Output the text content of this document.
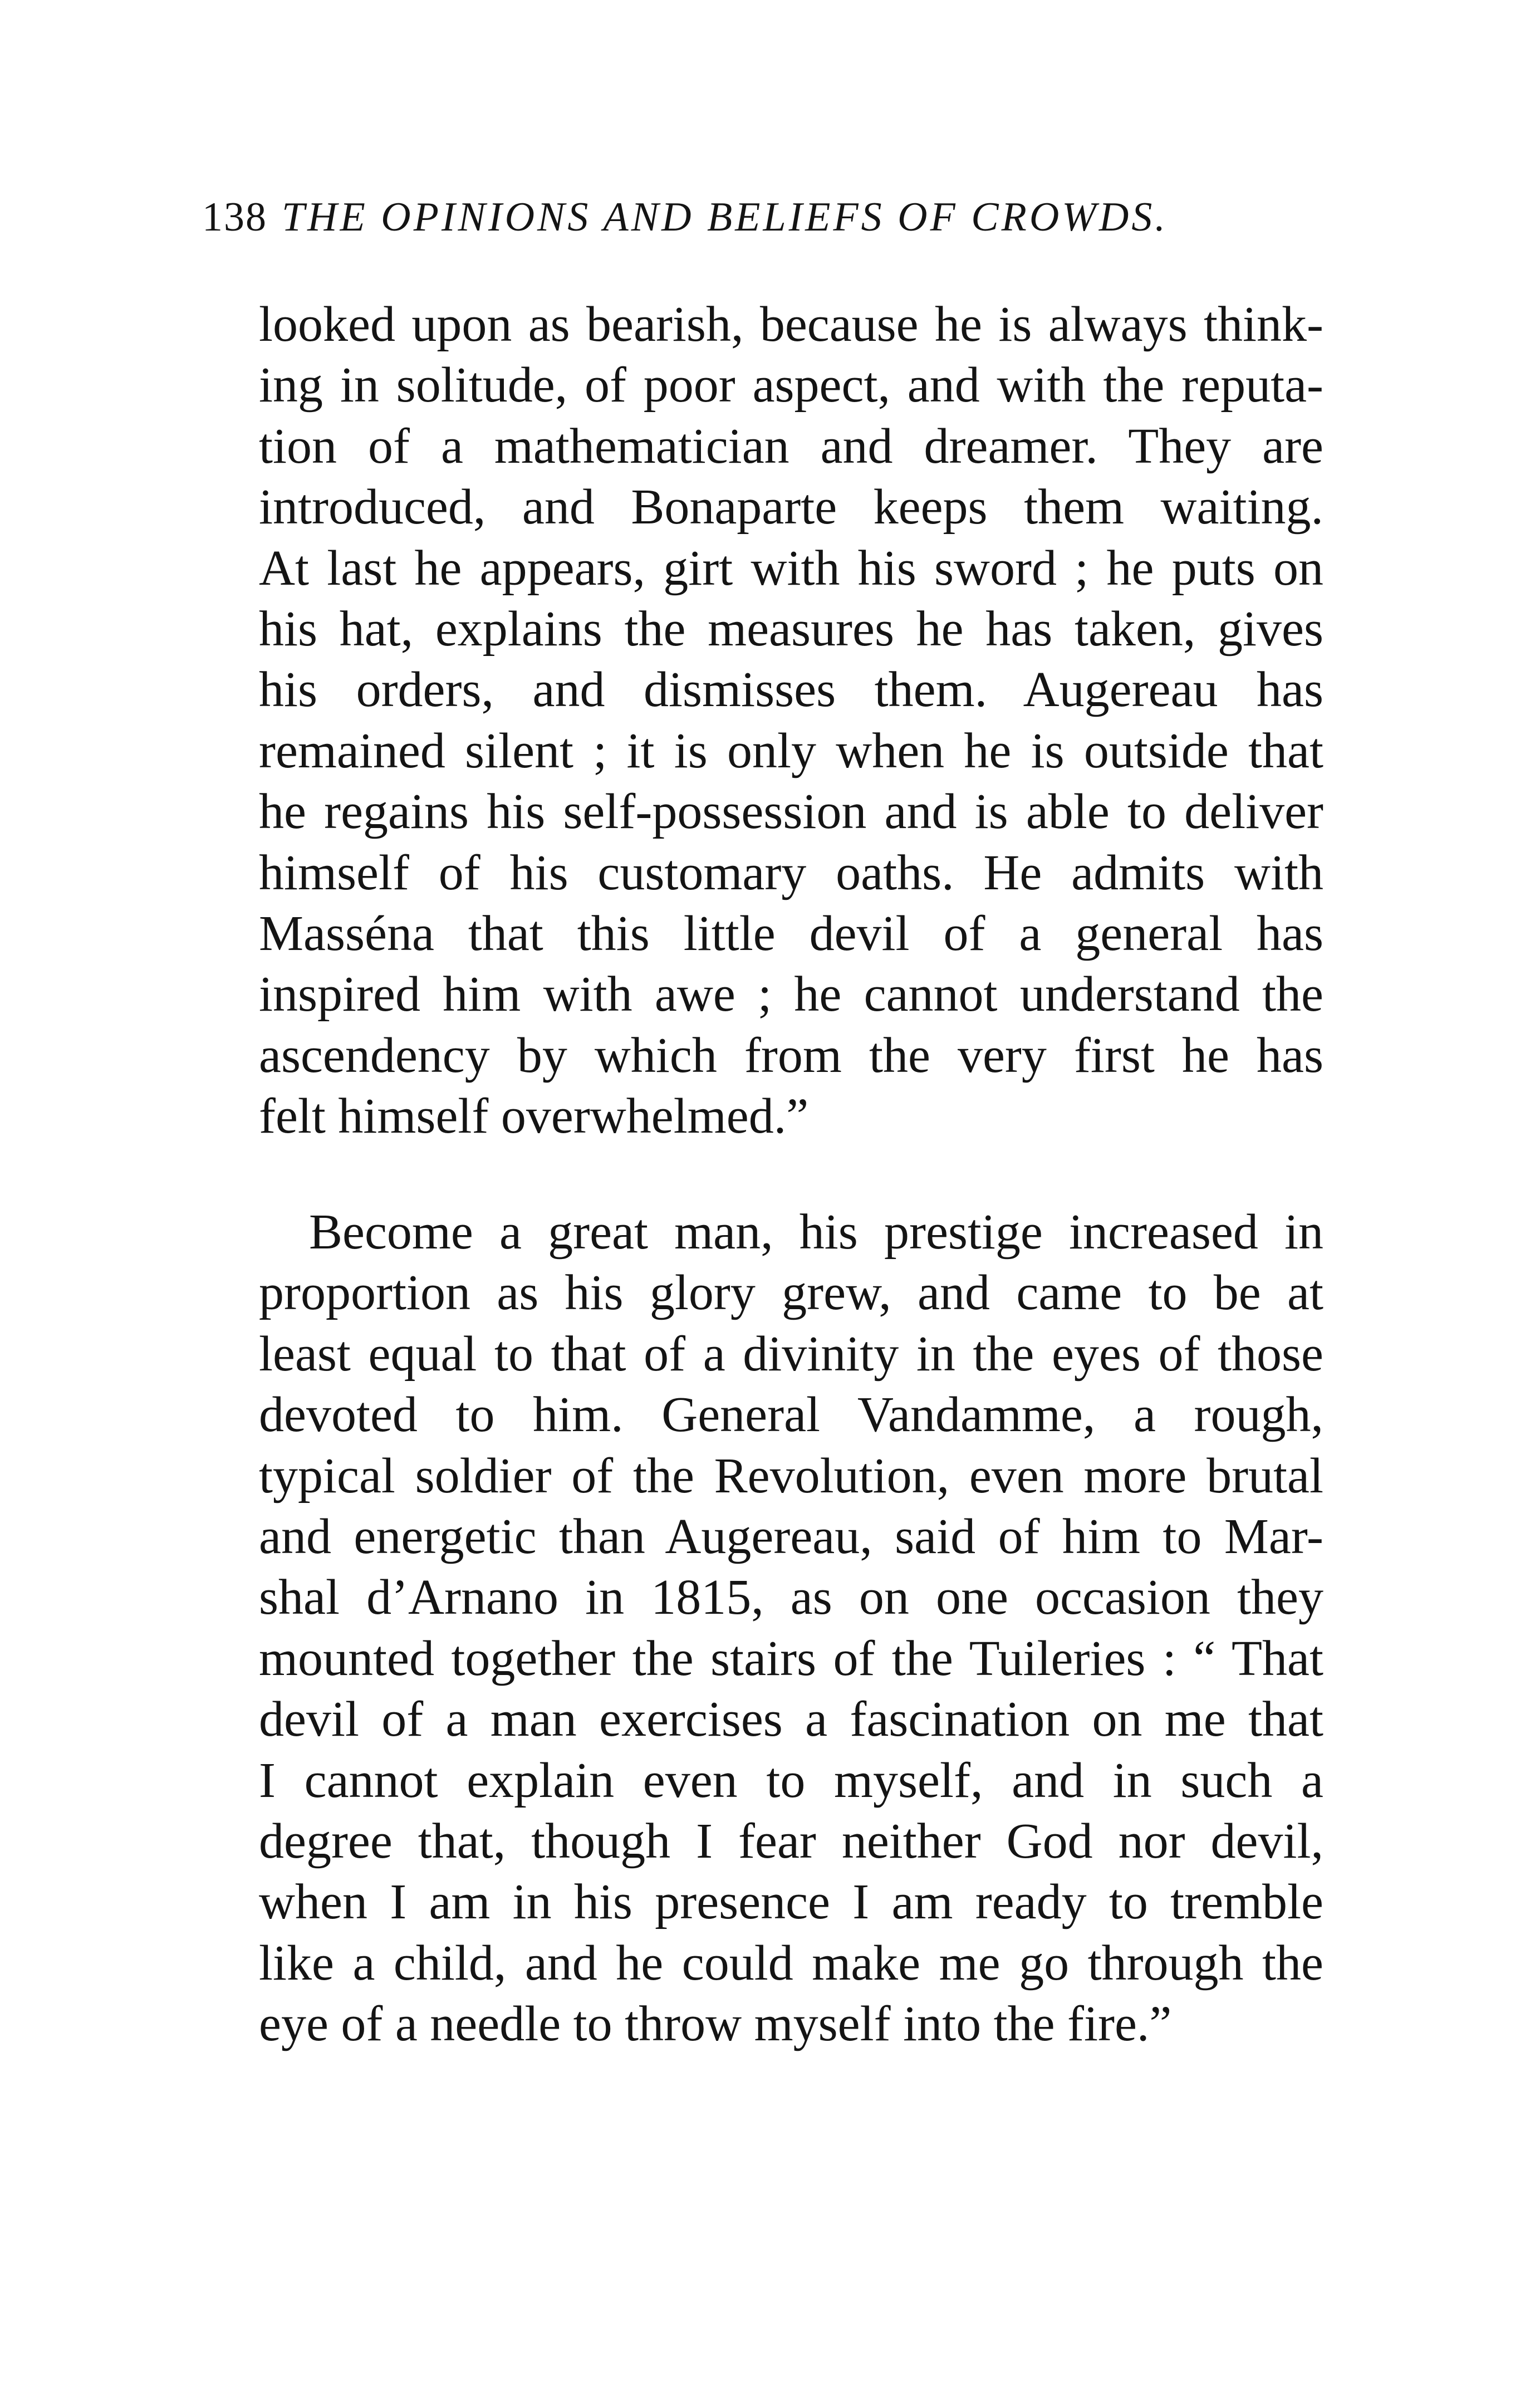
138 THE OPINIONS AND BELIEFS OF CROWDS.

looked upon as bearish, because he is always think-
ing in solitude, of poor aspect, and with the reputa-
tion of a mathematician and dreamer. They are
introduced, and Bonaparte keeps them waiting.
At last he appears, girt with his sword ; he puts on
his hat, explains the measures he has taken, gives
his orders, and dismisses them. Augereau has
remained silent ; it is only when he is outside that
he regains his self-possession and is able to deliver
himself of his customary oaths. He admits with
Masséna that this little devil of a general has
inspired him with awe ; he cannot understand the
ascendency by which from the very first he has
felt himself overwhelmed.”

Become a great man, his prestige increased in
proportion as his glory grew, and came to be at
least equal to that of a divinity in the eyes of those
devoted to him. General Vandamme, a rough,
typical soldier of the Revolution, even more brutal
and energetic than Augereau, said of him to Mar-
shal d’Arnano in 1815, as on one occasion they
mounted together the stairs of the Tuileries : “ That
devil of a man exercises a fascination on me that
I cannot explain even to myself, and in such a
degree that, though I fear neither God nor devil,
when I am in his presence I am ready to tremble
like a child, and he could make me go through the
eye of a needle to throw myself into the fire.”
